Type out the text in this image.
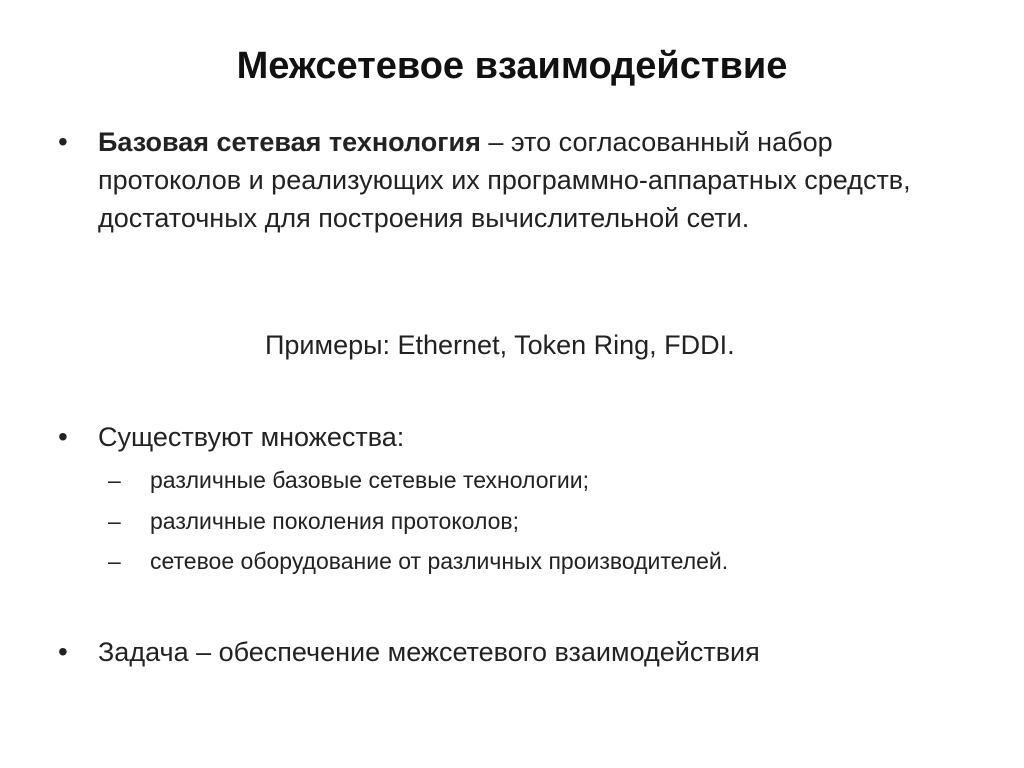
Межсетевое взаимодействие
• Базовая сетевая технология – это согласованный набор протоколов и реализующих их программно-аппаратных средств, достаточных для построения вычислительной сети.
Примеры: Ethernet, Token Ring, FDDI.
• Существуют множества:
– различные базовые сетевые технологии;
– различные поколения протоколов;
– сетевое оборудование от различных производителей.
• Задача – обеспечение межсетевого взаимодействия
